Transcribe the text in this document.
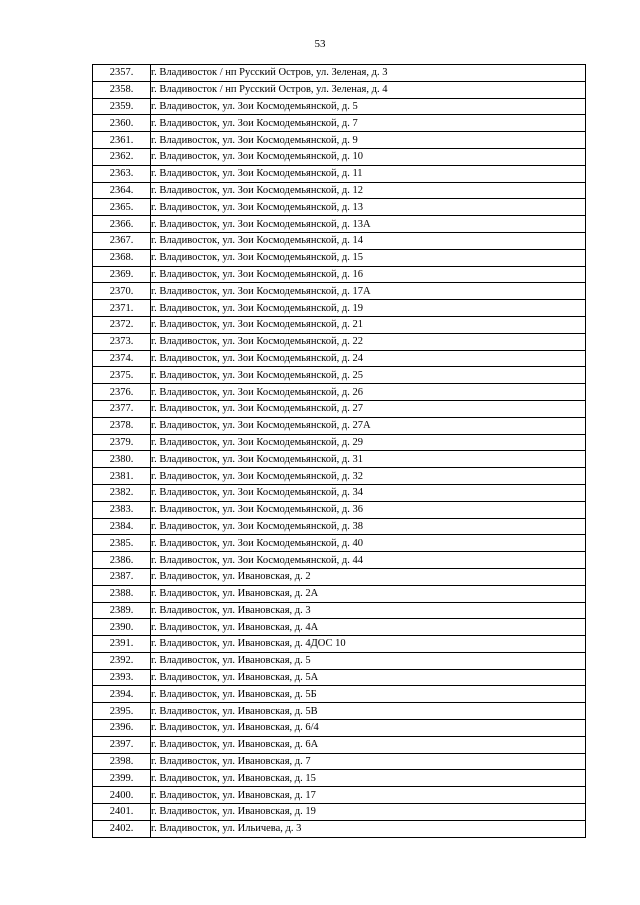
53
2357.	г. Владивосток / нп Русский Остров, ул. Зеленая, д. 3
2358.	г. Владивосток / нп Русский Остров, ул. Зеленая, д. 4
2359.	г. Владивосток, ул. Зои Космодемьянской, д. 5
2360.	г. Владивосток, ул. Зои Космодемьянской, д. 7
2361.	г. Владивосток, ул. Зои Космодемьянской, д. 9
2362.	г. Владивосток, ул. Зои Космодемьянской, д. 10
2363.	г. Владивосток, ул. Зои Космодемьянской, д. 11
2364.	г. Владивосток, ул. Зои Космодемьянской, д. 12
2365.	г. Владивосток, ул. Зои Космодемьянской, д. 13
2366.	г. Владивосток, ул. Зои Космодемьянской, д. 13А
2367.	г. Владивосток, ул. Зои Космодемьянской, д. 14
2368.	г. Владивосток, ул. Зои Космодемьянской, д. 15
2369.	г. Владивосток, ул. Зои Космодемьянской, д. 16
2370.	г. Владивосток, ул. Зои Космодемьянской, д. 17А
2371.	г. Владивосток, ул. Зои Космодемьянской, д. 19
2372.	г. Владивосток, ул. Зои Космодемьянской, д. 21
2373.	г. Владивосток, ул. Зои Космодемьянской, д. 22
2374.	г. Владивосток, ул. Зои Космодемьянской, д. 24
2375.	г. Владивосток, ул. Зои Космодемьянской, д. 25
2376.	г. Владивосток, ул. Зои Космодемьянской, д. 26
2377.	г. Владивосток, ул. Зои Космодемьянской, д. 27
2378.	г. Владивосток, ул. Зои Космодемьянской, д. 27А
2379.	г. Владивосток, ул. Зои Космодемьянской, д. 29
2380.	г. Владивосток, ул. Зои Космодемьянской, д. 31
2381.	г. Владивосток, ул. Зои Космодемьянской, д. 32
2382.	г. Владивосток, ул. Зои Космодемьянской, д. 34
2383.	г. Владивосток, ул. Зои Космодемьянской, д. 36
2384.	г. Владивосток, ул. Зои Космодемьянской, д. 38
2385.	г. Владивосток, ул. Зои Космодемьянской, д. 40
2386.	г. Владивосток, ул. Зои Космодемьянской, д. 44
2387.	г. Владивосток, ул. Ивановская, д. 2
2388.	г. Владивосток, ул. Ивановская, д. 2А
2389.	г. Владивосток, ул. Ивановская, д. 3
2390.	г. Владивосток, ул. Ивановская, д. 4А
2391.	г. Владивосток, ул. Ивановская, д. 4ДОС 10
2392.	г. Владивосток, ул. Ивановская, д. 5
2393.	г. Владивосток, ул. Ивановская, д. 5А
2394.	г. Владивосток, ул. Ивановская, д. 5Б
2395.	г. Владивосток, ул. Ивановская, д. 5В
2396.	г. Владивосток, ул. Ивановская, д. 6/4
2397.	г. Владивосток, ул. Ивановская, д. 6А
2398.	г. Владивосток, ул. Ивановская, д. 7
2399.	г. Владивосток, ул. Ивановская, д. 15
2400.	г. Владивосток, ул. Ивановская, д. 17
2401.	г. Владивосток, ул. Ивановская, д. 19
2402.	г. Владивосток, ул. Ильичева, д. 3
